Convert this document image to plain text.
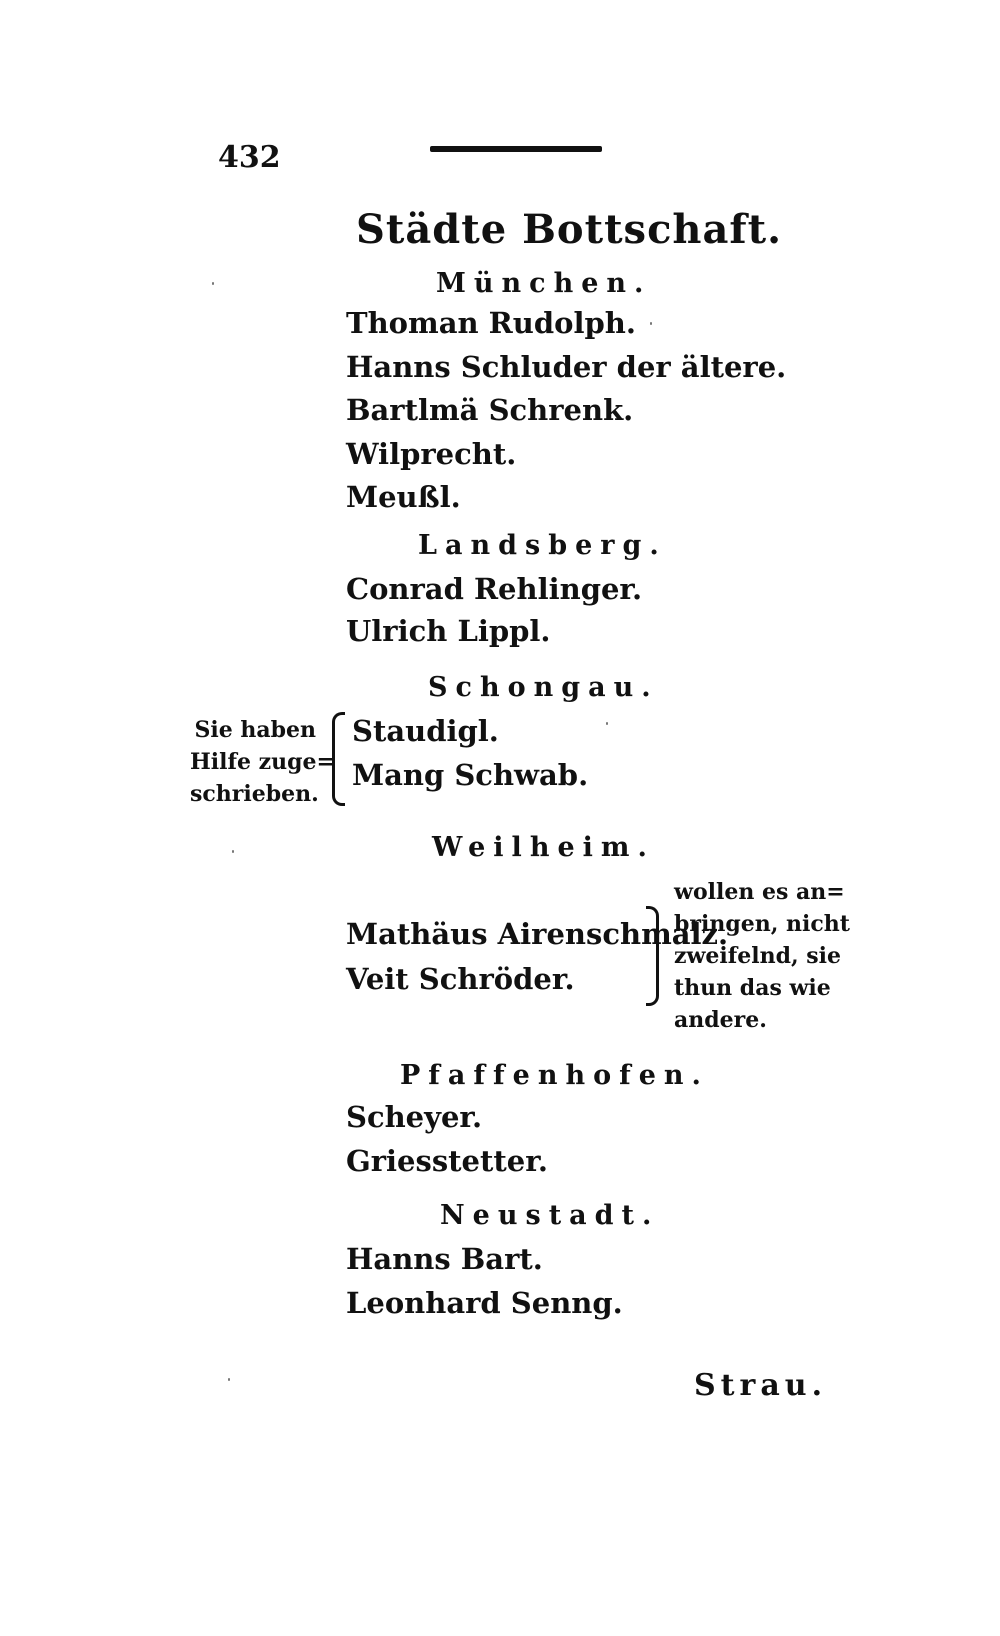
432
Städte Bottschaft.
München.
Thoman Rudolph.
Hanns Schluder der ältere.
Bartlmä Schrenk.
Wilprecht.
Meußl.
Landsberg.
Conrad Rehlinger.
Ulrich Lippl.
Schongau.
Sie haben
Hilfe zuge=
schrieben.
Staudigl.
Mang Schwab.
Weilheim.
Mathäus Airenschmalz.
Veit Schröder.
wollen es an=
bringen, nicht
zweifelnd, sie
thun das wie
andere.
Pfaffenhofen.
Scheyer.
Griesstetter.
Neustadt.
Hanns Bart.
Leonhard Senng.
Strau.
